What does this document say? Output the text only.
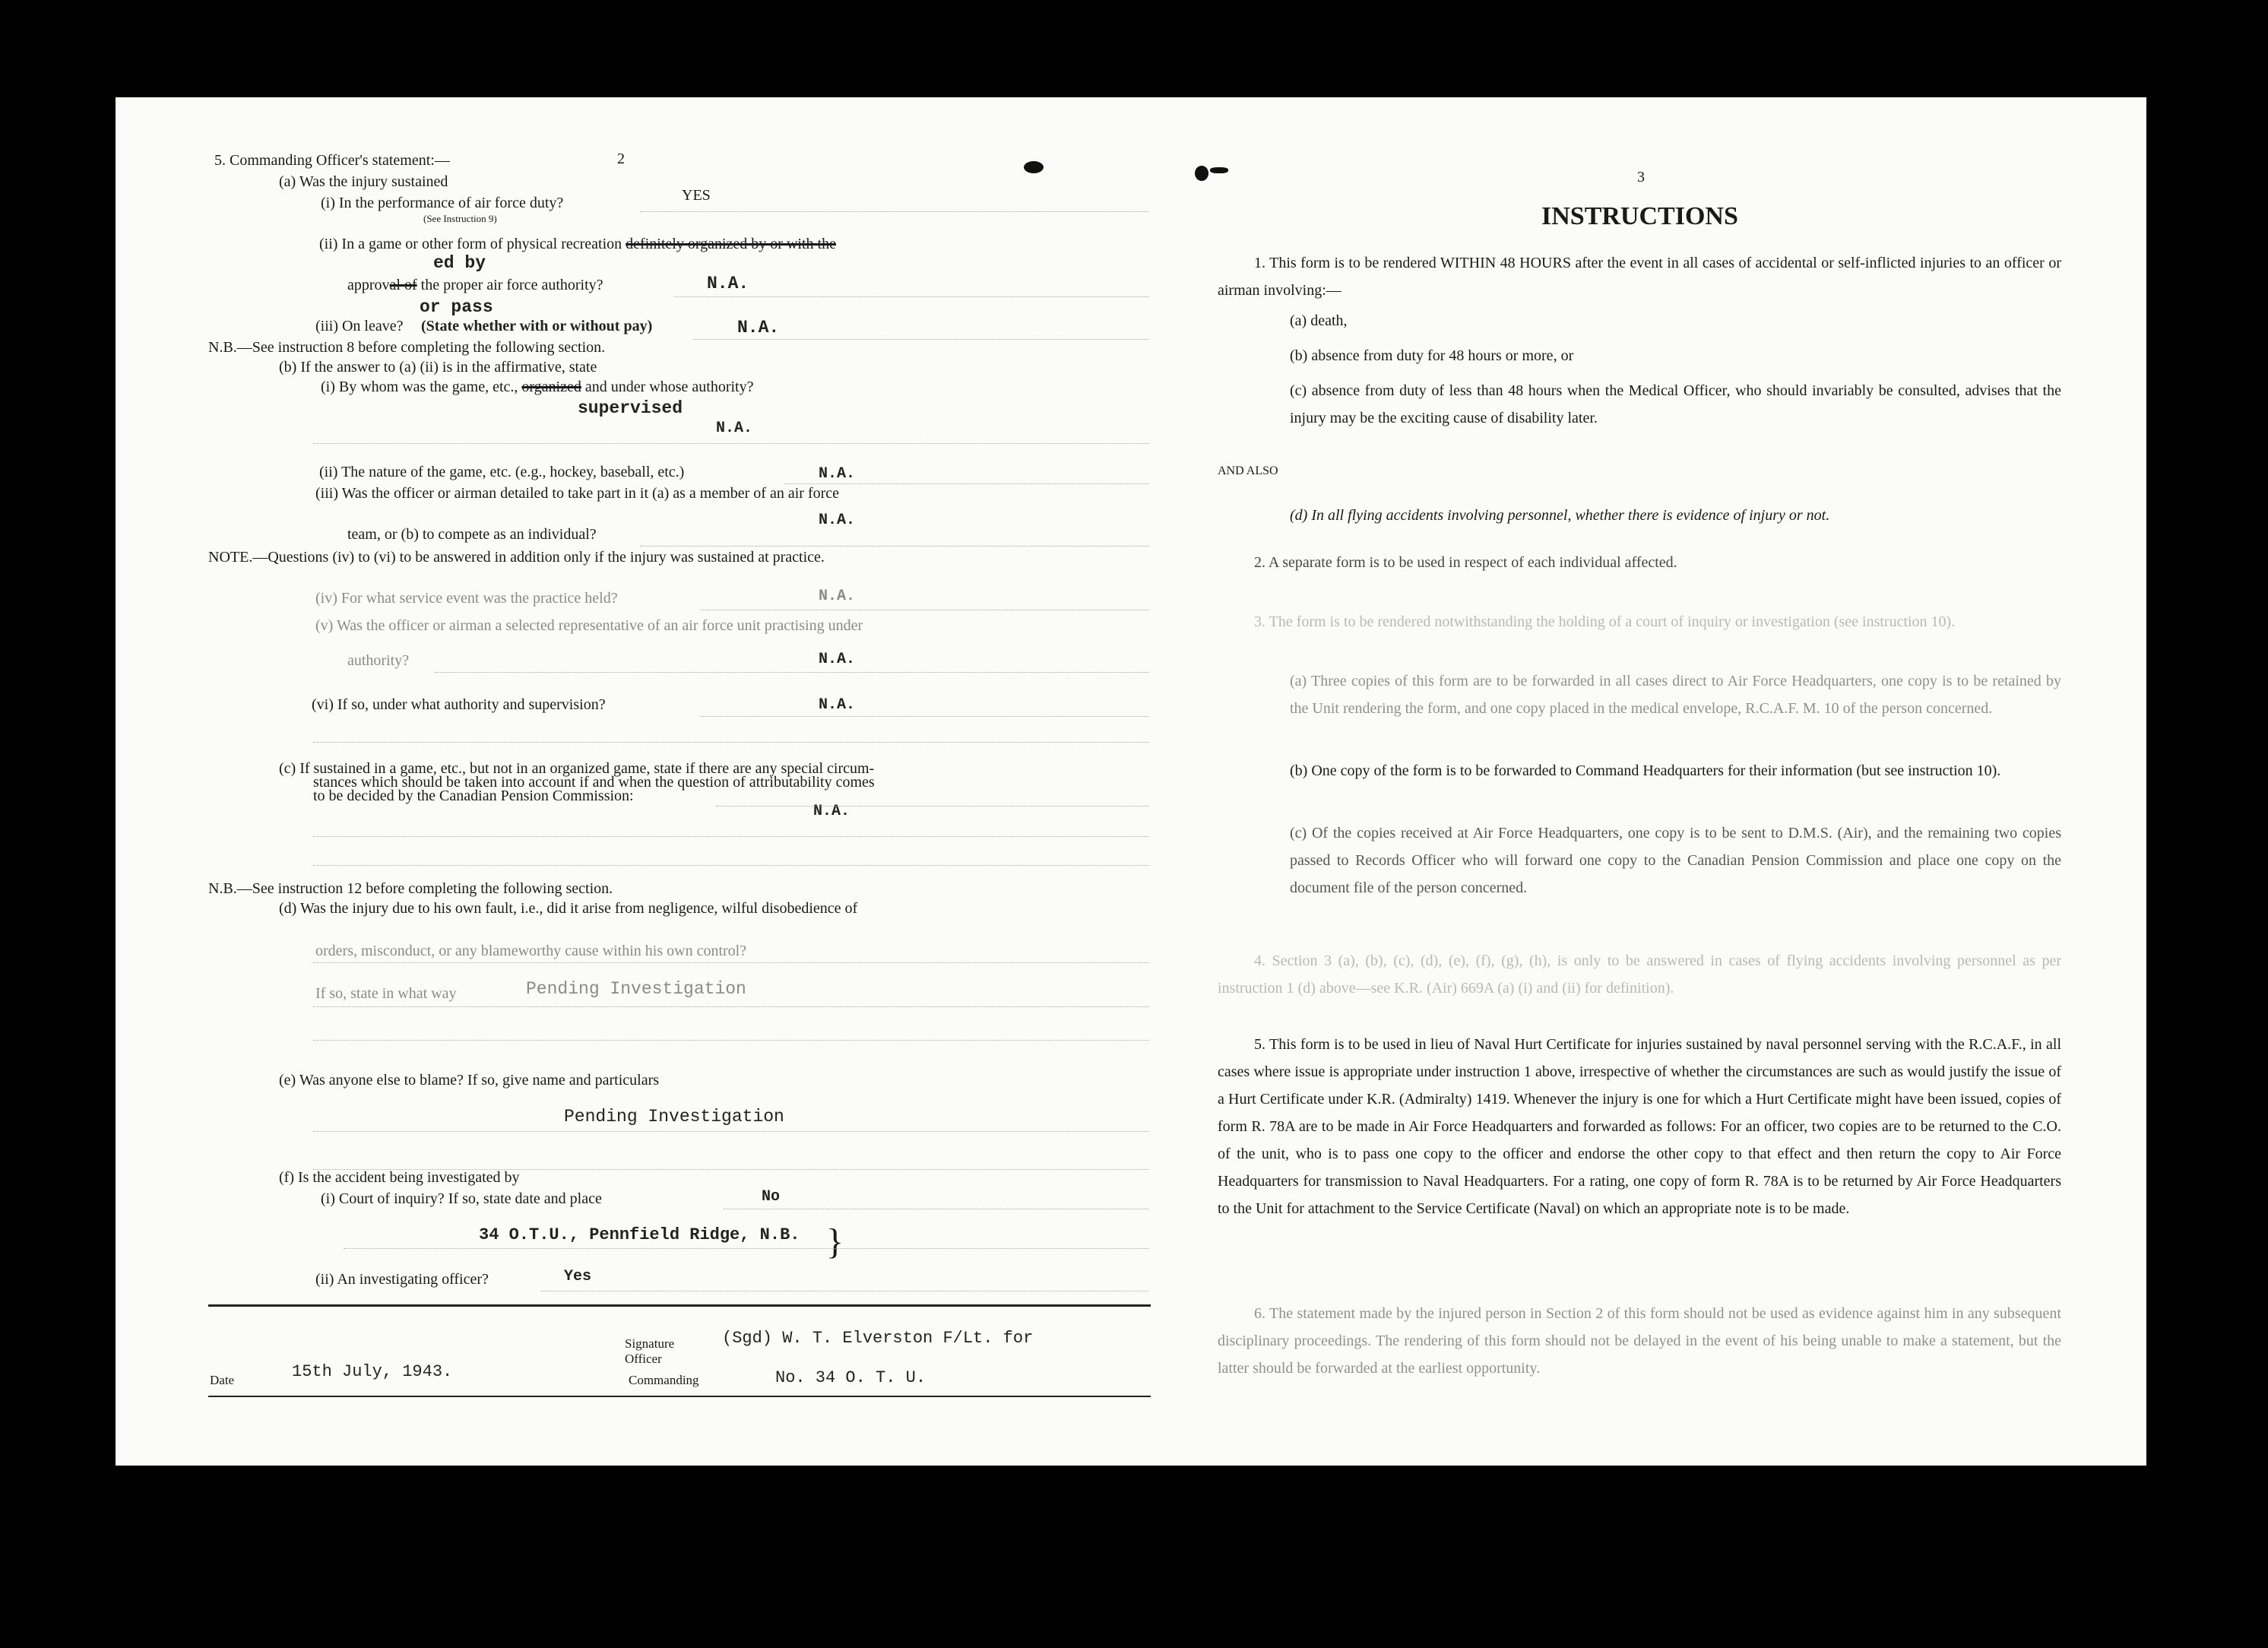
2
5. Commanding Officer's statement:—
(a) Was the injury sustained
(i) In the performance of air force duty?
(See Instruction 9)
YES
(ii) In a game or other form of physical recreation definitely organized by or with the
ed by
approval of the proper air force authority?	N.A.
or pass
(iii) On leave? (State whether with or without pay)	N.A.
N.B.—See instruction 8 before completing the following section.
(b) If the answer to (a) (ii) is in the affirmative, state
(i) By whom was the game, etc., organized and under whose authority?
supervised
N.A.
(ii) The nature of the game, etc. (e.g., hockey, baseball, etc.)	N.A.
(iii) Was the officer or airman detailed to take part in it (a) as a member of an air force
N.A.
team, or (b) to compete as an individual?
NOTE.—Questions (iv) to (vi) to be answered in addition only if the injury was sustained at practice.
(iv) For what service event was the practice held?	N.A.
(v) Was the officer or airman a selected representative of an air force unit practising under
authority?	N.A.
(vi) If so, under what authority and supervision?	N.A.
(c) If sustained in a game, etc., but not in an organized game, state if there are any special circum-
stances which should be taken into account if and when the question of attributability comes
to be decided by the Canadian Pension Commission:
N.A.
N.B.—See instruction 12 before completing the following section.
(d) Was the injury due to his own fault, i.e., did it arise from negligence, wilful disobedience of
orders, misconduct, or any blameworthy cause within his own control?
If so, state in what way	Pending Investigation
(e) Was anyone else to blame? If so, give name and particulars
Pending Investigation
(f) Is the accident being investigated by
(i) Court of inquiry? If so, state date and place	No
34 O.T.U., Pennfield Ridge, N.B. }
(ii) An investigating officer?	Yes
Signature	(Sgd) W. T. Elverston F/Lt. for
Officer
Commanding	No. 34 O. T. U.
Date	15th July, 1943.
3
INSTRUCTIONS
1. This form is to be rendered WITHIN 48 HOURS after the event in all cases of accidental or self-inflicted injuries to an officer or airman involving:—
(a) death,
(b) absence from duty for 48 hours or more, or
(c) absence from duty of less than 48 hours when the Medical Officer, who should invariably be consulted, advises that the injury may be the exciting cause of disability later.
AND ALSO
(d) In all flying accidents involving personnel, whether there is evidence of injury or not.
2. A separate form is to be used in respect of each individual affected.
3. The form is to be rendered notwithstanding the holding of a court of inquiry or investigation (see instruction 10).
(a) Three copies of this form are to be forwarded in all cases direct to Air Force Headquarters, one copy is to be retained by the Unit rendering the form, and one copy placed in the medical envelope, R.C.A.F. M. 10 of the person concerned.
(b) One copy of the form is to be forwarded to Command Headquarters for their information (but see instruction 10).
(c) Of the copies received at Air Force Headquarters, one copy is to be sent to D.M.S. (Air), and the remaining two copies passed to Records Officer who will forward one copy to the Canadian Pension Commission and place one copy on the document file of the person concerned.
4. Section 3 (a), (b), (c), (d), (e), (f), (g), (h), is only to be answered in cases of flying accidents involving personnel as per instruction 1 (d) above—see K.R. (Air) 669A (a) (i) and (ii) for definition).
5. This form is to be used in lieu of Naval Hurt Certificate for injuries sustained by naval personnel serving with the R.C.A.F., in all cases where issue is appropriate under instruction 1 above, irrespective of whether the circumstances are such as would justify the issue of a Hurt Certificate under K.R. (Admiralty) 1419. Whenever the injury is one for which a Hurt Certificate might have been issued, copies of form R. 78A are to be made in Air Force Headquarters and forwarded as follows: For an officer, two copies are to be returned to the C.O. of the unit, who is to pass one copy to the officer and endorse the other copy to that effect and then return the copy to Air Force Headquarters for transmission to Naval Headquarters. For a rating, one copy of form R. 78A is to be returned by Air Force Headquarters to the Unit for attachment to the Service Certificate (Naval) on which an appropriate note is to be made.
6. The statement made by the injured person in Section 2 of this form should not be used as evidence against him in any subsequent disciplinary proceedings. The rendering of this form should not be delayed in the event of his being unable to make a statement, but the latter should be forwarded at the earliest opportunity.
